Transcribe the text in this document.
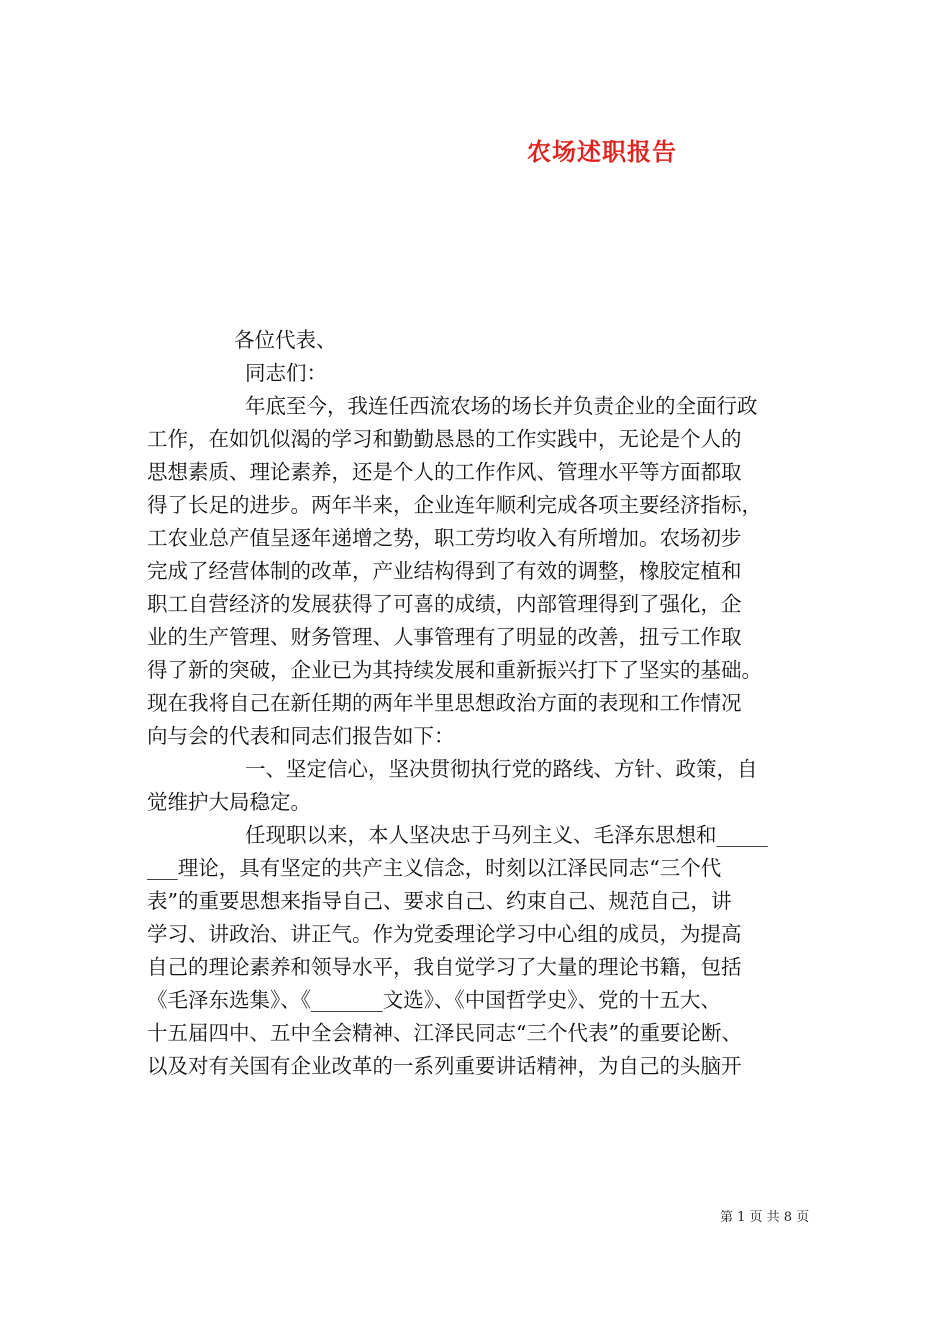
农场述职报告
各位代表、
同志们：
年底至今，我连任西流农场的场长并负责企业的全面行政
工作，在如饥似渴的学习和勤勤恳恳的工作实践中，无论是个人的
思想素质、理论素养，还是个人的工作作风、管理水平等方面都取
得了长足的进步。两年半来，企业连年顺利完成各项主要经济指标，
工农业总产值呈逐年递增之势，职工劳均收入有所增加。农场初步
完成了经营体制的改革，产业结构得到了有效的调整，橡胶定植和
职工自营经济的发展获得了可喜的成绩，内部管理得到了强化，企
业的生产管理、财务管理、人事管理有了明显的改善，扭亏工作取
得了新的突破，企业已为其持续发展和重新振兴打下了坚实的基础。
现在我将自己在新任期的两年半里思想政治方面的表现和工作情况
向与会的代表和同志们报告如下：
一、坚定信心，坚决贯彻执行党的路线、方针、政策，自
觉维护大局稳定。
任现职以来，本人坚决忠于马列主义、毛泽东思想和_____
___理论，具有坚定的共产主义信念，时刻以江泽民同志“三个代
表”的重要思想来指导自己、要求自己、约束自己、规范自己，讲
学习、讲政治、讲正气。作为党委理论学习中心组的成员，为提高
自己的理论素养和领导水平，我自觉学习了大量的理论书籍，包括
《毛泽东选集》、《_______文选》、《中国哲学史》、党的十五大、
十五届四中、五中全会精神、江泽民同志“三个代表”的重要论断、
以及对有关国有企业改革的一系列重要讲话精神，为自己的头脑开
第 1 页 共 8 页
